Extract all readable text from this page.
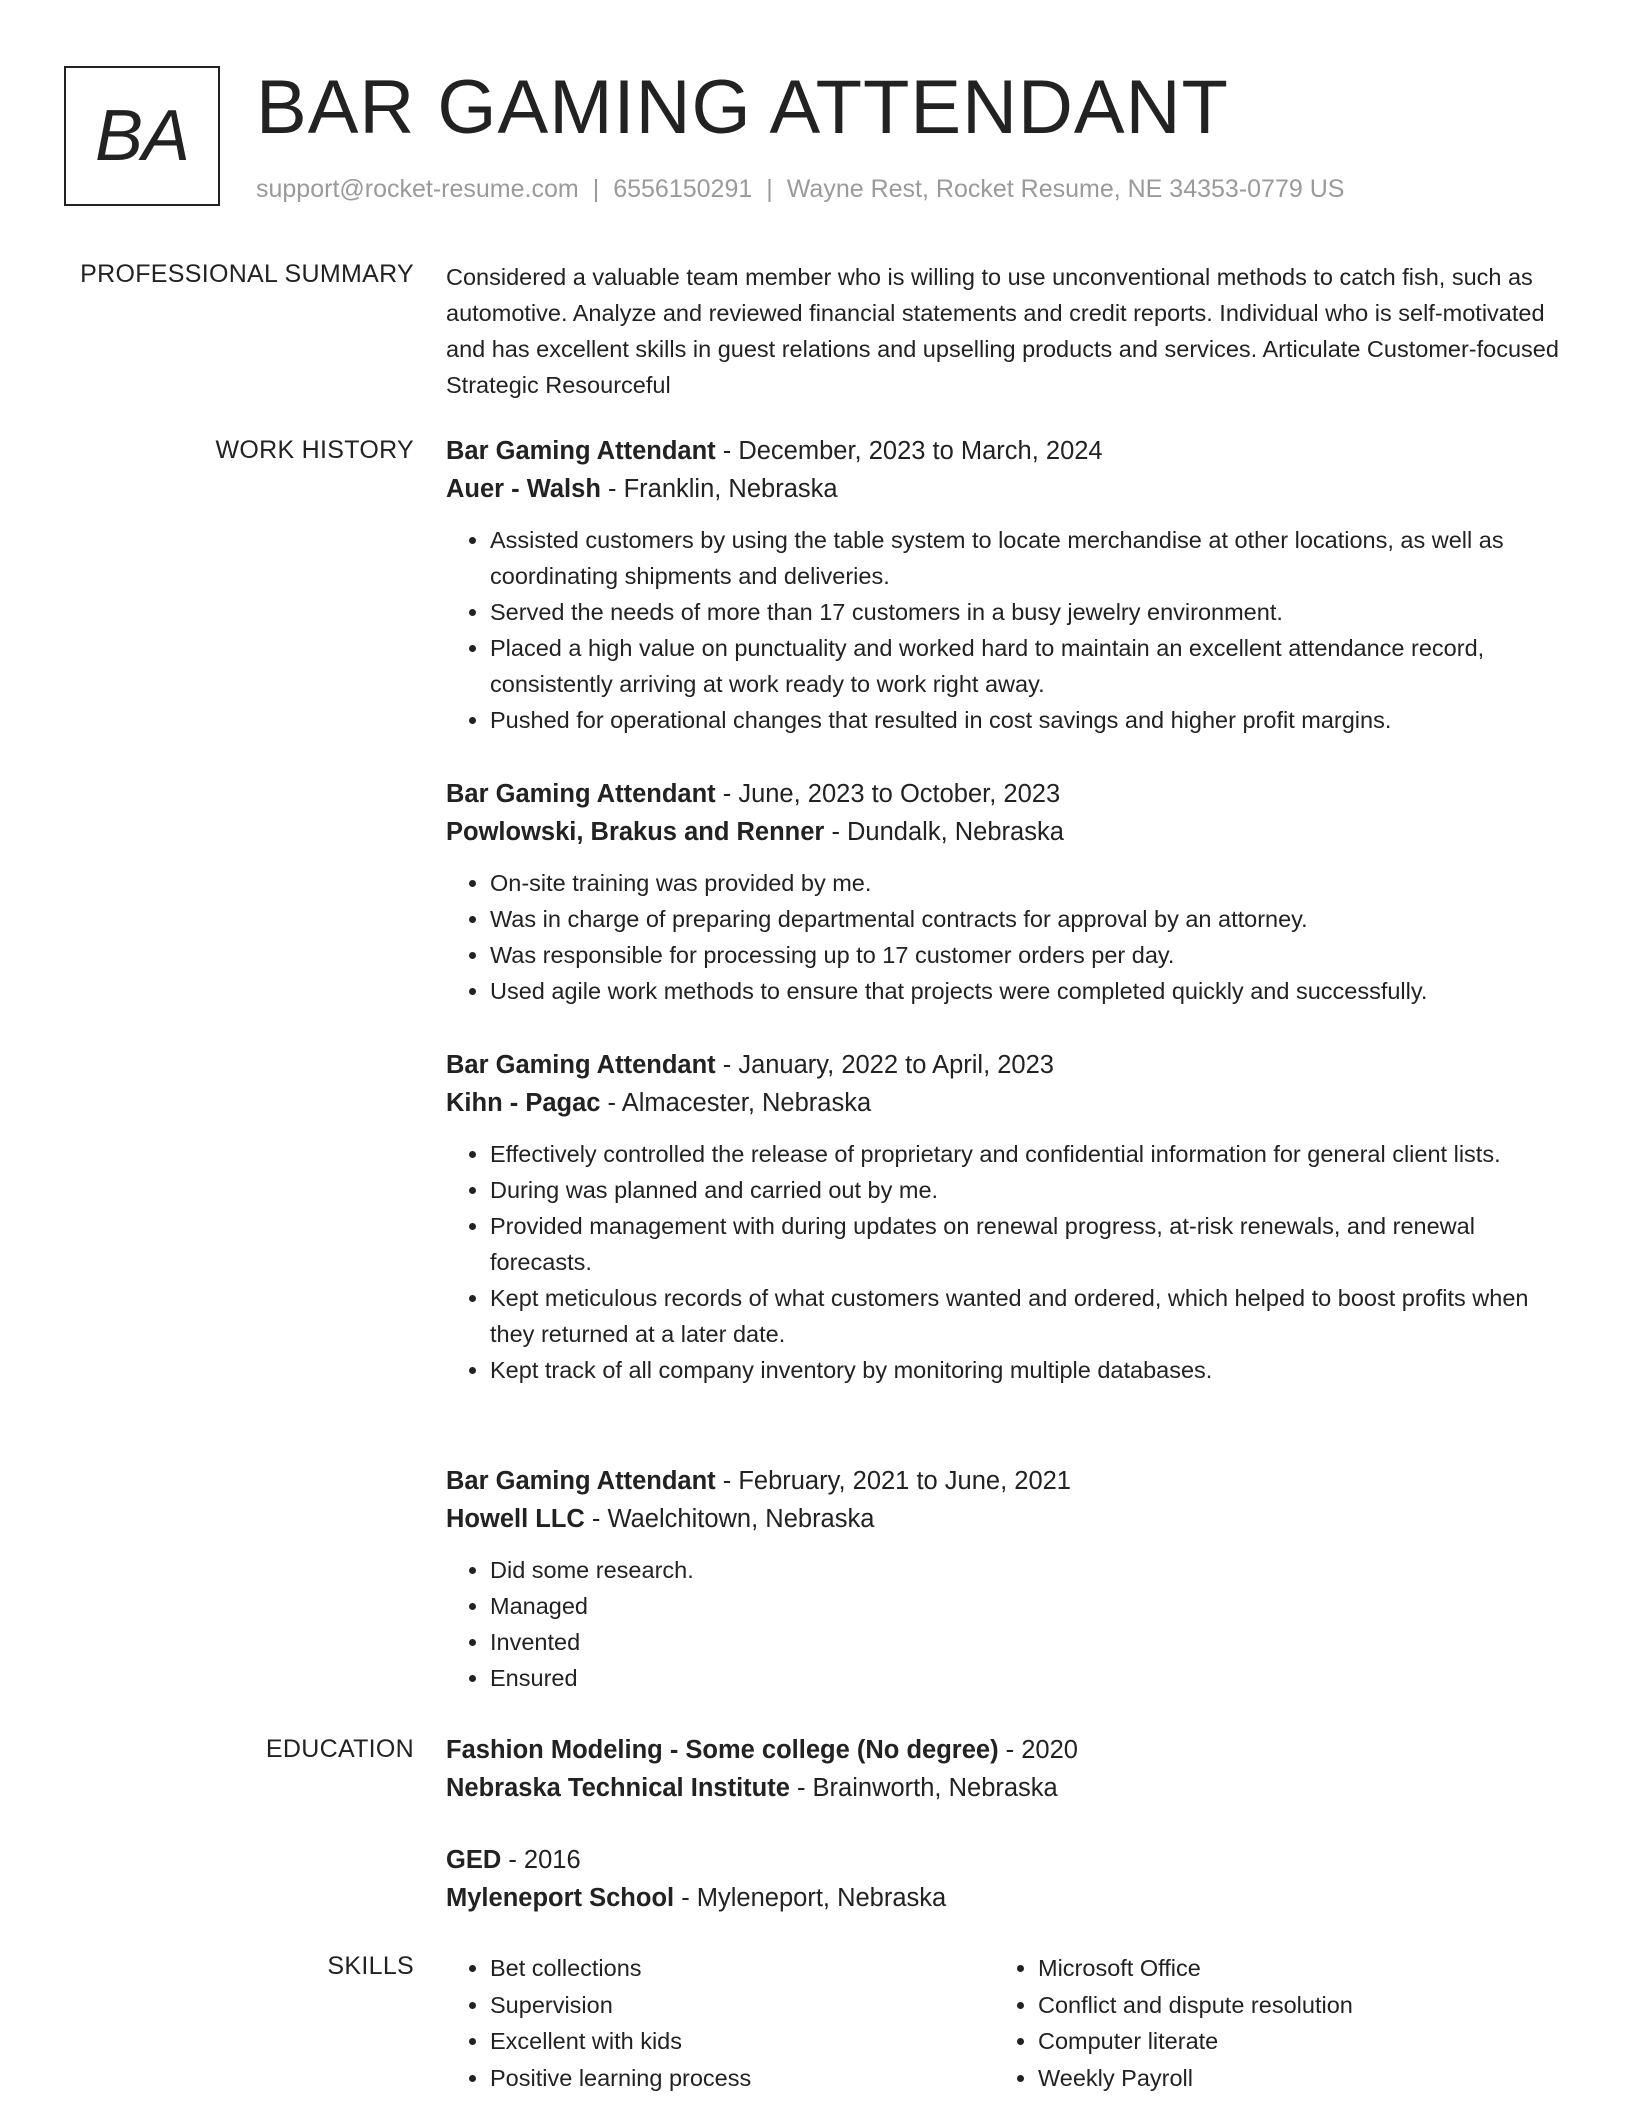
BA BAR GAMING ATTENDANT
support@rocket-resume.com | 6556150291 | Wayne Rest, Rocket Resume, NE 34353-0779 US
PROFESSIONAL SUMMARY Considered a valuable team member who is willing to use unconventional methods to catch fish, such as automotive. Analyze and reviewed financial statements and credit reports. Individual who is self-motivated and has excellent skills in guest relations and upselling products and services. Articulate Customer-focused Strategic Resourceful

WORK HISTORY Bar Gaming Attendant - December, 2023 to March, 2024
Auer - Walsh - Franklin, Nebraska
• Assisted customers by using the table system to locate merchandise at other locations, as well as coordinating shipments and deliveries.
• Served the needs of more than 17 customers in a busy jewelry environment.
• Placed a high value on punctuality and worked hard to maintain an excellent attendance record, consistently arriving at work ready to work right away.
• Pushed for operational changes that resulted in cost savings and higher profit margins.
Bar Gaming Attendant - June, 2023 to October, 2023
Powlowski, Brakus and Renner - Dundalk, Nebraska
• On-site training was provided by me.
• Was in charge of preparing departmental contracts for approval by an attorney.
• Was responsible for processing up to 17 customer orders per day.
• Used agile work methods to ensure that projects were completed quickly and successfully.
Bar Gaming Attendant - January, 2022 to April, 2023
Kihn - Pagac - Almacester, Nebraska
• Effectively controlled the release of proprietary and confidential information for general client lists.
• During was planned and carried out by me.
• Provided management with during updates on renewal progress, at-risk renewals, and renewal forecasts.
• Kept meticulous records of what customers wanted and ordered, which helped to boost profits when they returned at a later date.
• Kept track of all company inventory by monitoring multiple databases.
Bar Gaming Attendant - February, 2021 to June, 2021
Howell LLC - Waelchitown, Nebraska
• Did some research.
• Managed
• Invented
• Ensured
EDUCATION Fashion Modeling - Some college (No degree) - 2020
Nebraska Technical Institute - Brainworth, Nebraska
GED - 2016
Myleneport School - Myleneport, Nebraska
SKILLS
•	Bet collections
• Supervision
• Excellent with kids
• Positive learning process
• Microsoft Office
• Conflict and dispute resolution
• Computer literate
• Weekly Payroll
